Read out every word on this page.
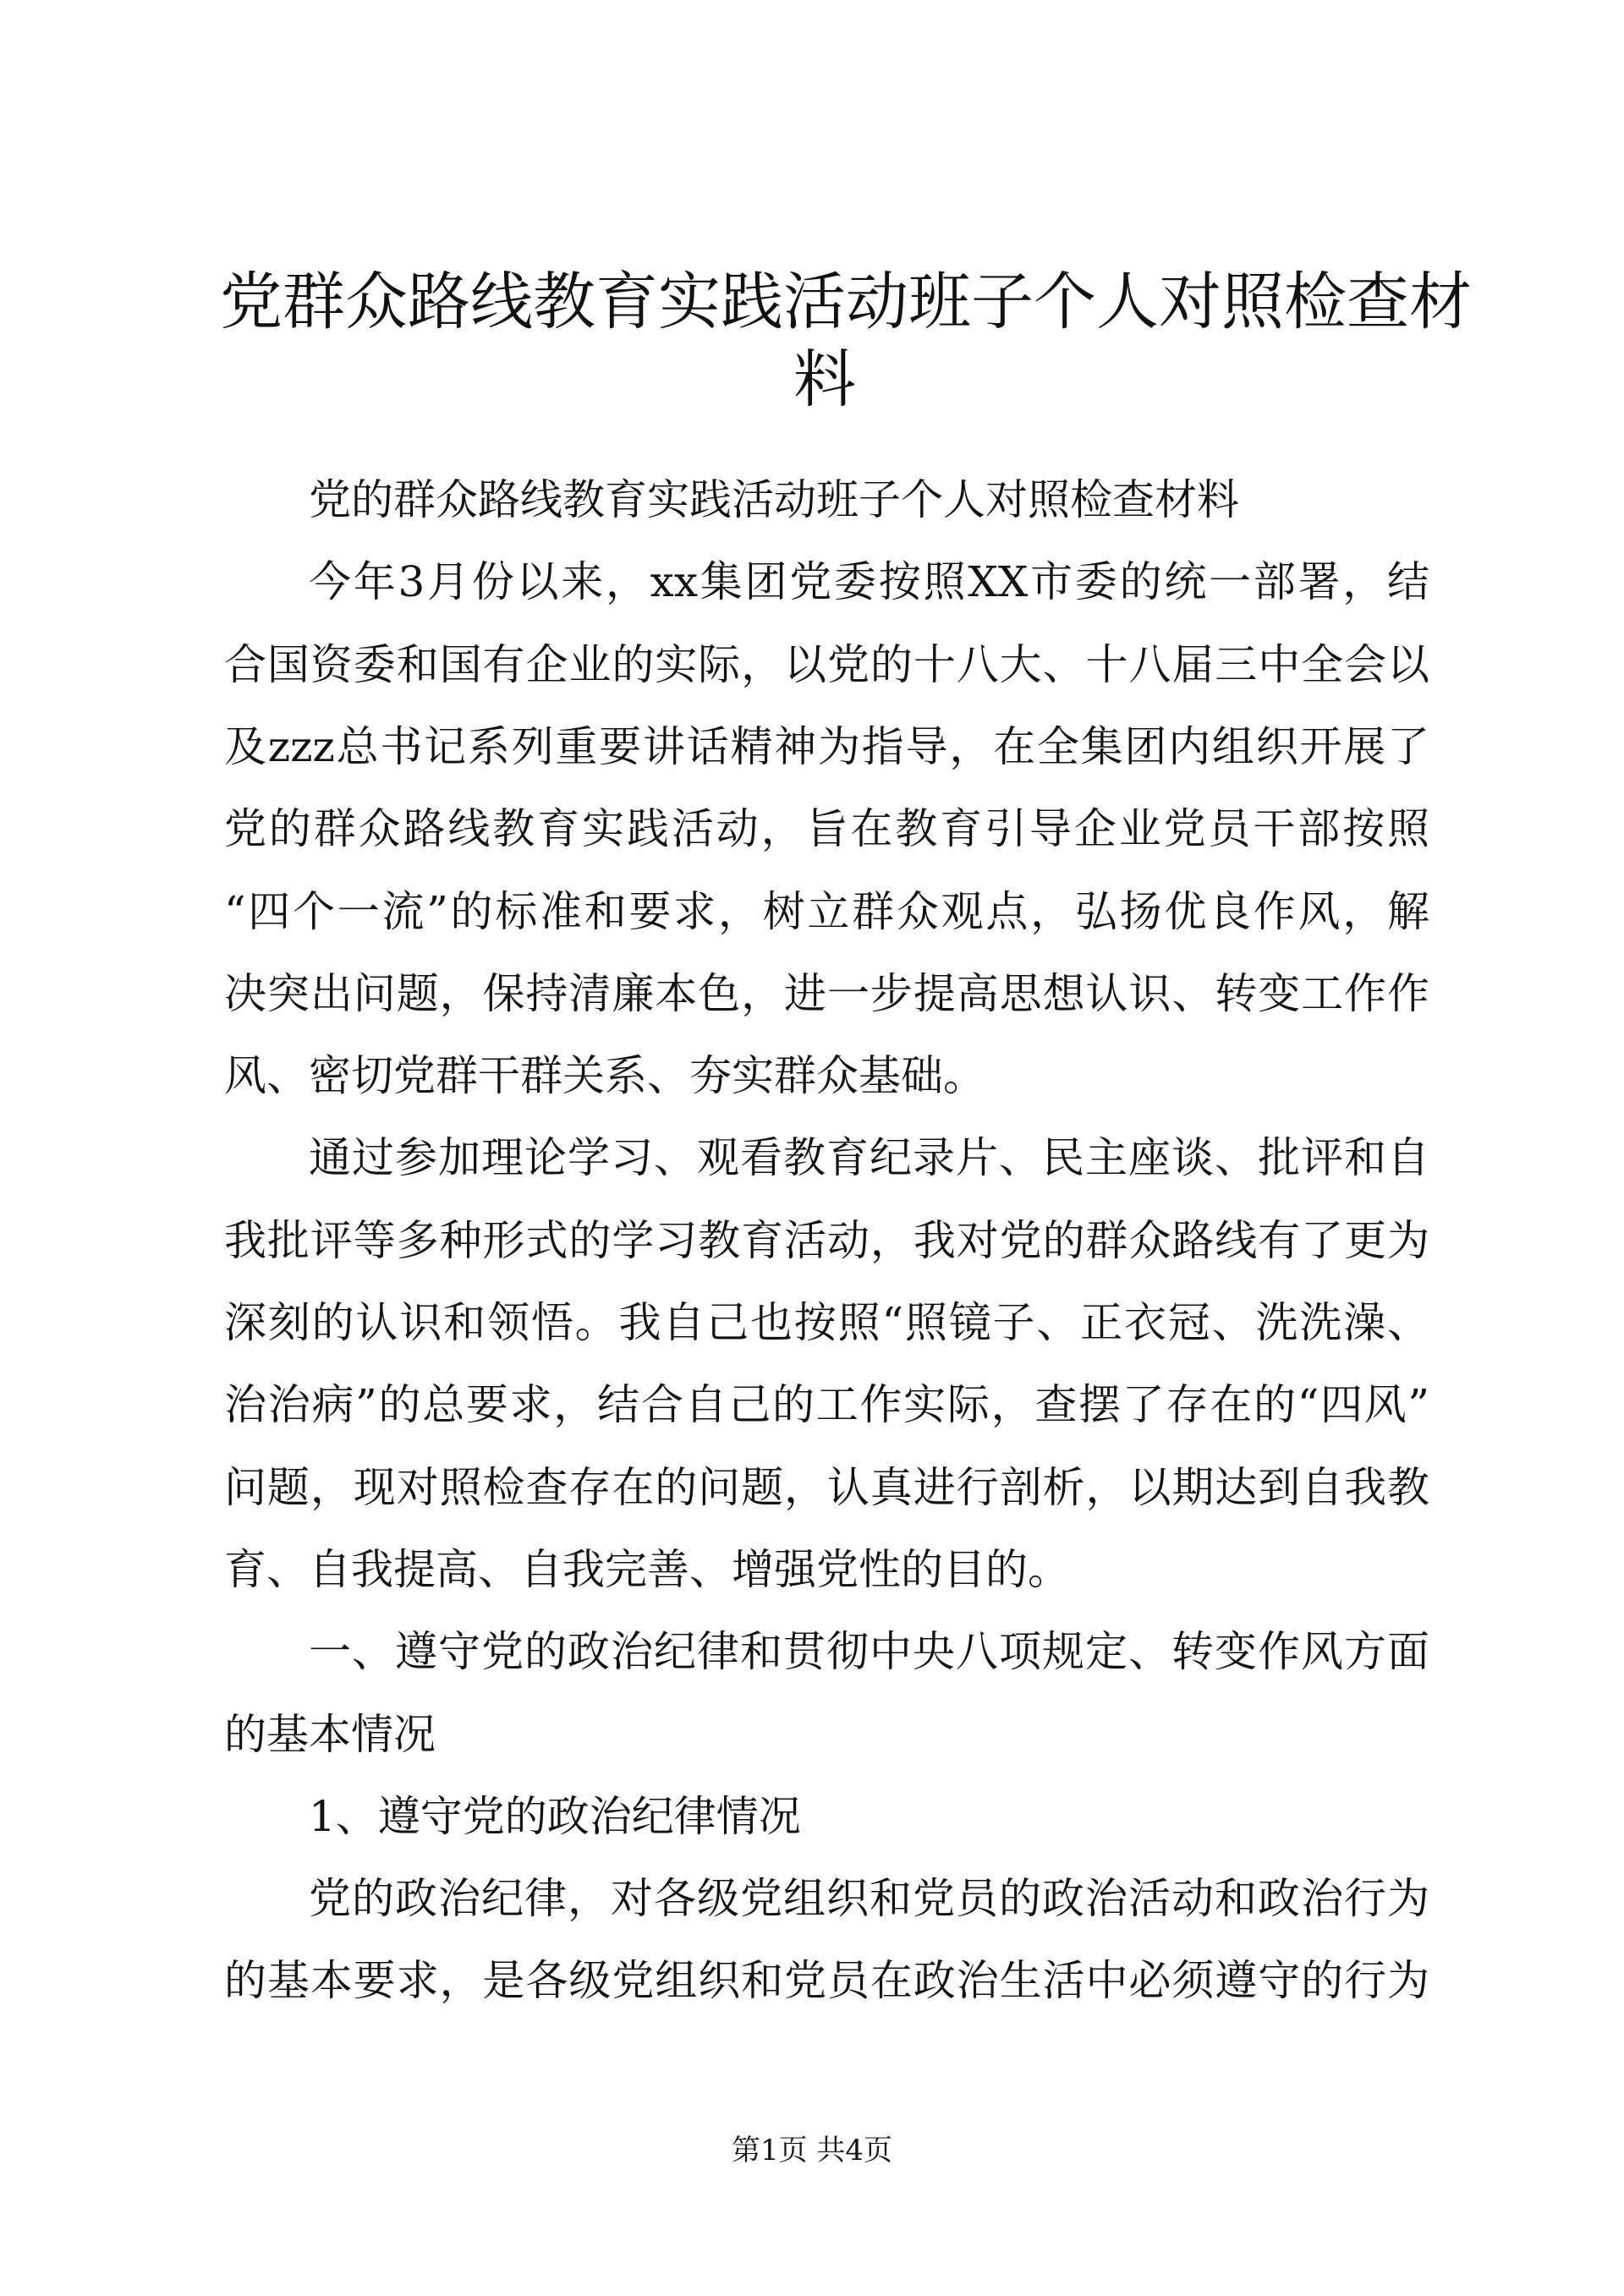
党群众路线教育实践活动班子个人对照检查材
料
党的群众路线教育实践活动班子个人对照检查材料
今年3月份以来，xx集团党委按照XX市委的统一部署，结
合国资委和国有企业的实际，以党的十八大、十八届三中全会以
及zzz总书记系列重要讲话精神为指导，在全集团内组织开展了
党的群众路线教育实践活动，旨在教育引导企业党员干部按照
“四个一流”的标准和要求，树立群众观点，弘扬优良作风，解
决突出问题，保持清廉本色，进一步提高思想认识、转变工作作
风、密切党群干群关系、夯实群众基础。
通过参加理论学习、观看教育纪录片、民主座谈、批评和自
我批评等多种形式的学习教育活动，我对党的群众路线有了更为
深刻的认识和领悟。我自己也按照“照镜子、正衣冠、洗洗澡、
治治病”的总要求，结合自己的工作实际，查摆了存在的“四风”
问题，现对照检查存在的问题，认真进行剖析，以期达到自我教
育、自我提高、自我完善、增强党性的目的。
一、遵守党的政治纪律和贯彻中央八项规定、转变作风方面
的基本情况
1、遵守党的政治纪律情况
党的政治纪律，对各级党组织和党员的政治活动和政治行为
的基本要求，是各级党组织和党员在政治生活中必须遵守的行为
第1页 共4页
